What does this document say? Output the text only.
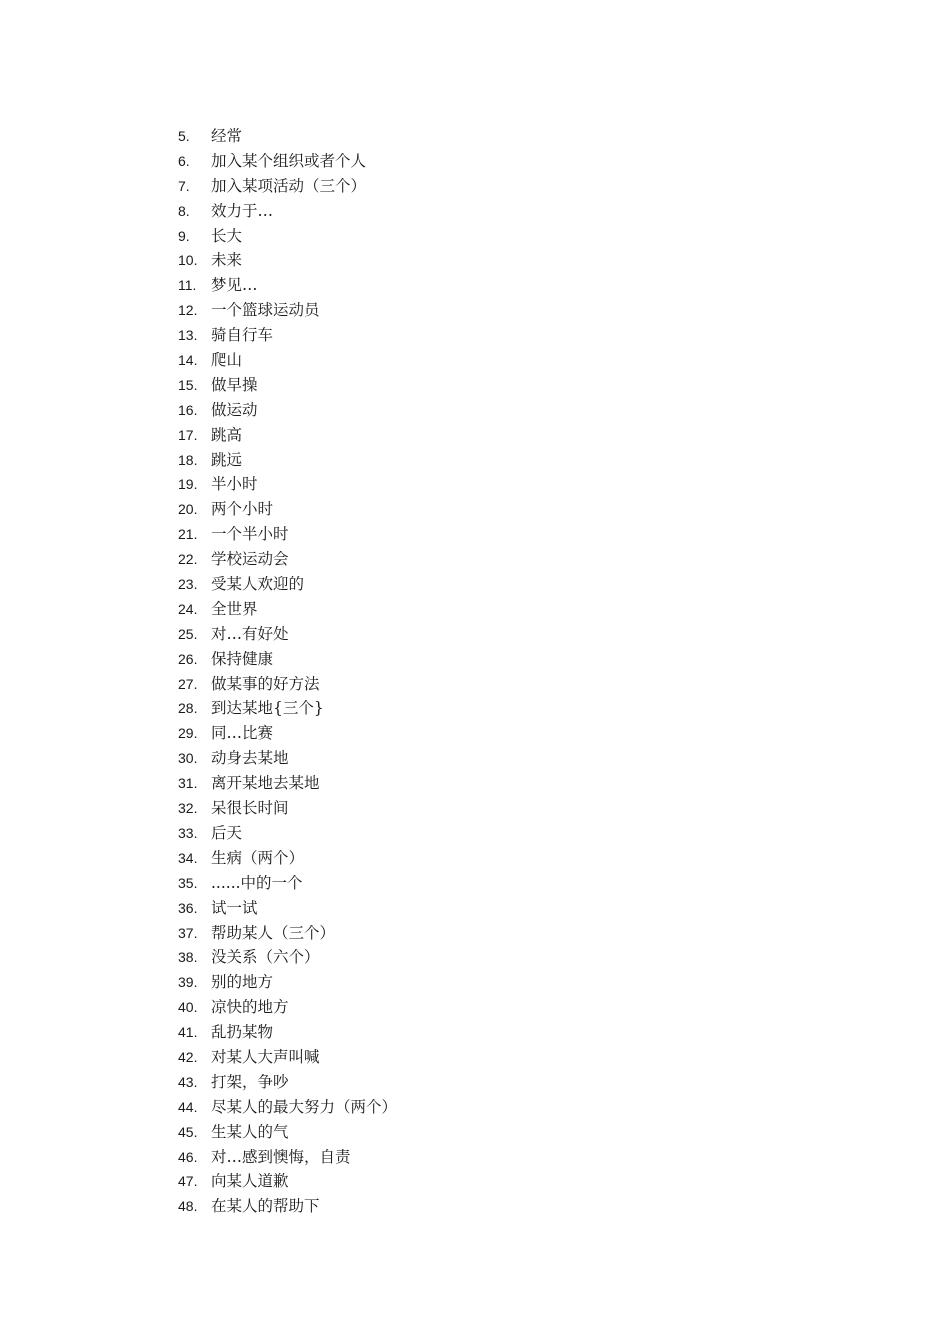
5.	经常
6.	加入某个组织或者个人
7.	加入某项活动（三个）
8.	效力于…
9.	长大
10. 未来
11. 梦见…
12. 一个篮球运动员
13. 骑自行车
14. 爬山
15. 做早操
16. 做运动
17. 跳高
18. 跳远
19. 半小时
20. 两个小时
21. 一个半小时
22. 学校运动会
23. 受某人欢迎的
24. 全世界
25. 对…有好处
26. 保持健康
27. 做某事的好方法
28. 到达某地{三个}
29. 同…比赛
30. 动身去某地
31. 离开某地去某地
32. 呆很长时间
33. 后天
34. 生病（两个）
35. ......中的一个
36. 试一试
37. 帮助某人（三个）
38. 没关系（六个）
39. 别的地方
40. 凉快的地方
41. 乱扔某物
42. 对某人大声叫喊
43. 打架，争吵
44. 尽某人的最大努力（两个）
45. 生某人的气
46. 对…感到懊悔，自责
47. 向某人道歉
48. 在某人的帮助下
